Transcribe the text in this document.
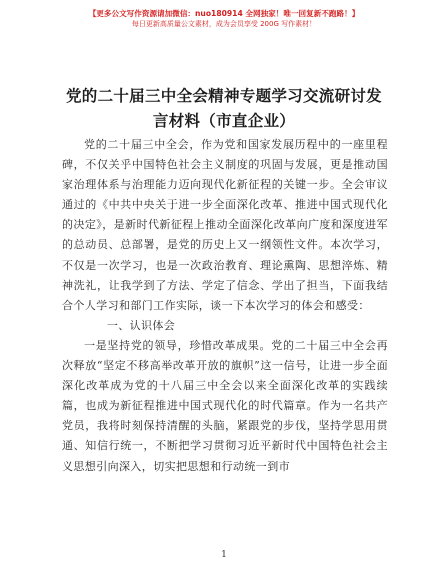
【更多公文写作资源请加微信：nuo180914 全网独家！唯一回复新不跑路！】
每日更新高质量公文素材，成为会员享受 200G 写作素材！
党的二十届三中全会精神专题学习交流研讨发言材料（市直企业）

党的二十届三中全会，作为党和国家发展历程中的一座里程碑，不仅关乎中国特色社会主义制度的巩固与发展，更是推动国家治理体系与治理能力迈向现代化新征程的关键一步。全会审议通过的《中共中央关于进一步全面深化改革、推进中国式现代化的决定》，是新时代新征程上推动全面深化改革向广度和深度进军的总动员、总部署，是党的历史上又一纲领性文件。本次学习，不仅是一次学习，也是一次政治教育、理论熏陶、思想淬炼、精神洗礼，让我学到了方法、学定了信念、学出了担当，下面我结合个人学习和部门工作实际，谈一下本次学习的体会和感受：

　　一、认识体会

一是坚持党的领导，珍惜改革成果。党的二十届三中全会再次释放“坚定不移高举改革开放的旗帜”这一信号，让进一步全面深化改革成为党的十八届三中全会以来全面深化改革的实践续篇，也成为新征程推进中国式现代化的时代篇章。作为一名共产党员，我将时刻保持清醒的头脑，紧跟党的步伐，坚持学思用贯通、知信行统一，不断把学习贯彻习近平新时代中国特色社会主义思想引向深入，切实把思想和行动统一到市

1
